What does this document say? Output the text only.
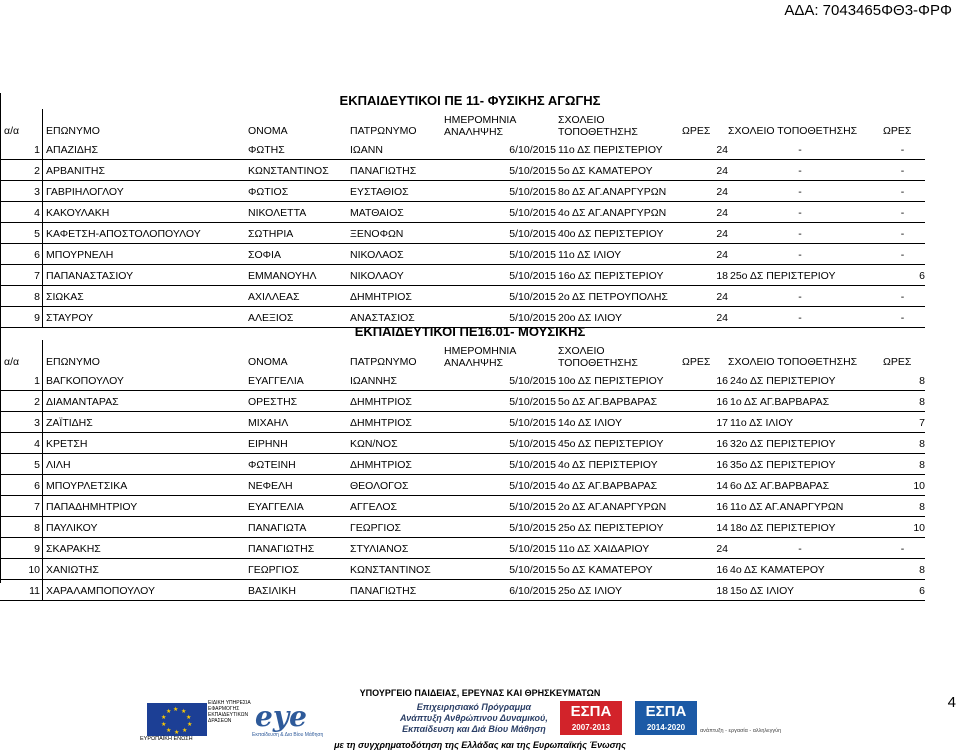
ΑΔΑ: 7043465ΦΘ3-ΦΡΦ
ΕΚΠΑΙΔΕΥΤΙΚΟΙ ΠΕ 11- ΦΥΣΙΚΗΣ ΑΓΩΓΗΣ
α/α	ΕΠΩΝΥΜΟ	ΟΝΟΜΑ	ΠΑΤΡΩΝΥΜΟ
ΗΜΕΡΟΜΗΝΙΑ
ΑΝΑΛΗΨΗΣ
ΣΧΟΛΕΙΟ
ΤΟΠΟΘΕΤΗΣΗΣ	ΩΡΕΣ	ΣΧΟΛΕΙΟ ΤΟΠΟΘΕΤΗΣΗΣ	ΩΡΕΣ
1 ΑΠΑΖΙΔΗΣ	ΦΩΤΗΣ	ΙΩΑΝΝ	6/10/2015 11ο ΔΣ ΠΕΡΙΣΤΕΡΙΟΥ	24	-	-
2 ΑΡΒΑΝΙΤΗΣ	ΚΩΝΣΤΑΝΤΙΝΟΣ	ΠΑΝΑΓΙΩΤΗΣ	5/10/2015 5ο ΔΣ ΚΑΜΑΤΕΡΟΥ	24	-	-
3 ΓΑΒΡΙΗΛΟΓΛΟΥ	ΦΩΤΙΟΣ	ΕΥΣΤΑΘΙΟΣ	5/10/2015 8ο ΔΣ ΑΓ.ΑΝΑΡΓΥΡΩΝ	24	-	-
4 ΚΑΚΟΥΛΑΚΗ	ΝΙΚΟΛΕΤΤΑ	ΜΑΤΘΑΙΟΣ	5/10/2015 4ο ΔΣ ΑΓ.ΑΝΑΡΓΥΡΩΝ	24	-	-
5 ΚΑΦΕΤΣΗ-ΑΠΟΣΤΟΛΟΠΟΥΛΟΥ	ΣΩΤΗΡΙΑ	ΞΕΝΟΦΩΝ	5/10/2015 40ο ΔΣ ΠΕΡΙΣΤΕΡΙΟΥ	24	-	-
6 ΜΠΟΥΡΝΕΛΗ	ΣΟΦΙΑ	ΝΙΚΟΛΑΟΣ	5/10/2015 11ο ΔΣ ΙΛΙΟΥ	24	-	-
7 ΠΑΠΑΝΑΣΤΑΣΙΟΥ	ΕΜΜΑΝΟΥΗΛ	ΝΙΚΟΛΑΟΥ	5/10/2015 16ο ΔΣ ΠΕΡΙΣΤΕΡΙΟΥ	18 25ο ΔΣ ΠΕΡΙΣΤΕΡΙΟΥ	6
8 ΣΙΩΚΑΣ	ΑΧΙΛΛΕΑΣ	ΔΗΜΗΤΡΙΟΣ	5/10/2015 2ο ΔΣ ΠΕΤΡΟΥΠΟΛΗΣ	24	-	-
9 ΣΤΑΥΡΟΥ	ΑΛΕΞΙΟΣ	ΑΝΑΣΤΑΣΙΟΣ	5/10/2015 20ο ΔΣ ΙΛΙΟΥ	24	-	-
ΕΚΠΑΙΔΕΥΤΙΚΟΙ ΠΕ16.01- ΜΟΥΣΙΚΗΣ
α/α	ΕΠΩΝΥΜΟ	ΟΝΟΜΑ	ΠΑΤΡΩΝΥΜΟ
ΗΜΕΡΟΜΗΝΙΑ
ΑΝΑΛΗΨΗΣ
ΣΧΟΛΕΙΟ
ΤΟΠΟΘΕΤΗΣΗΣ	ΩΡΕΣ	ΣΧΟΛΕΙΟ ΤΟΠΟΘΕΤΗΣΗΣ	ΩΡΕΣ
1 ΒΑΓΚΟΠΟΥΛΟΥ	ΕΥΑΓΓΕΛΙΑ	ΙΩΑΝΝΗΣ	5/10/2015 10ο ΔΣ ΠΕΡΙΣΤΕΡΙΟΥ	16 24ο ΔΣ ΠΕΡΙΣΤΕΡΙΟΥ	8
2 ΔΙΑΜΑΝΤΑΡΑΣ	ΟΡΕΣΤΗΣ	ΔΗΜΗΤΡΙΟΣ	5/10/2015 5ο ΔΣ ΑΓ.ΒΑΡΒΑΡΑΣ	16 1ο ΔΣ ΑΓ.ΒΑΡΒΑΡΑΣ	8
3 ΖΑΪΤΙΔΗΣ	ΜΙΧΑΗΛ	ΔΗΜΗΤΡΙΟΣ	5/10/2015 14ο ΔΣ ΙΛΙΟΥ	17 11ο ΔΣ ΙΛΙΟΥ	7
4 ΚΡΕΤΣΗ	ΕΙΡΗΝΗ	ΚΩΝ/ΝΟΣ	5/10/2015 45ο ΔΣ ΠΕΡΙΣΤΕΡΙΟΥ	16 32ο ΔΣ ΠΕΡΙΣΤΕΡΙΟΥ	8
5 ΛΙΛΗ	ΦΩΤΕΙΝΗ	ΔΗΜΗΤΡΙΟΣ	5/10/2015 4ο ΔΣ ΠΕΡΙΣΤΕΡΙΟΥ	16 35ο ΔΣ ΠΕΡΙΣΤΕΡΙΟΥ	8
6 ΜΠΟΥΡΛΕΤΣΙΚΑ	ΝΕΦΕΛΗ	ΘΕΟΛΟΓΟΣ	5/10/2015 4ο ΔΣ ΑΓ.ΒΑΡΒΑΡΑΣ	14 6ο ΔΣ ΑΓ.ΒΑΡΒΑΡΑΣ	10
7 ΠΑΠΑΔΗΜΗΤΡΙΟΥ	ΕΥΑΓΓΕΛΙΑ	ΑΓΓΕΛΟΣ	5/10/2015 2ο ΔΣ ΑΓ.ΑΝΑΡΓΥΡΩΝ	16 11ο ΔΣ ΑΓ.ΑΝΑΡΓΥΡΩΝ	8
8 ΠΑΥΛΙΚΟΥ	ΠΑΝΑΓΙΩΤΑ	ΓΕΩΡΓΙΟΣ	5/10/2015 25ο ΔΣ ΠΕΡΙΣΤΕΡΙΟΥ	14 18ο ΔΣ ΠΕΡΙΣΤΕΡΙΟΥ	10
9 ΣΚΑΡΑΚΗΣ	ΠΑΝΑΓΙΩΤΗΣ	ΣΤΥΛΙΑΝΟΣ	5/10/2015 11ο ΔΣ ΧΑΙΔΑΡΙΟΥ	24	-	-
10 ΧΑΝΙΩΤΗΣ	ΓΕΩΡΓΙΟΣ	ΚΩΝΣΤΑΝΤΙΝΟΣ	5/10/2015 5ο ΔΣ ΚΑΜΑΤΕΡΟΥ	16 4ο ΔΣ ΚΑΜΑΤΕΡΟΥ	8
11 ΧΑΡΑΛΑΜΠΟΠΟΥΛΟΥ	ΒΑΣΙΛΙΚΗ	ΠΑΝΑΓΙΩΤΗΣ	6/10/2015 25ο ΔΣ ΙΛΙΟΥ	18 15ο ΔΣ ΙΛΙΟΥ	6
4
ΥΠΟΥΡΓΕΙΟ ΠΑΙΔΕΙΑΣ, ΕΡΕΥΝΑΣ ΚΑΙ ΘΡΗΣΚΕΥΜΑΤΩΝ
★ ★
★
★
★
★
★
★
★
★
ΕΥΡΩΠΑΪΚΗ ΕΝΩΣΗ
ΕΙΔΙΚΗ ΥΠΗΡΕΣΙΑ ΕΦΑΡΜΟΓΗΣ ΕΚΠΑΙΔΕΥΤΙΚΩΝ ΔΡΑΣΕΩΝ eye
Εκπαίδευση & Δια Βίου Μάθηση
Επιχειρησιακό Πρόγραμμα
Ανάπτυξη Ανθρώπινου Δυναμικού,
Εκπαίδευση και Διά Βίου Μάθηση
ΕΣΠΑ
2007-2013
ΕΣΠΑ
2014-2020	ανάπτυξη - εργασία - αλληλεγγύη
με τη συγχρηματοδότηση της Ελλάδας και της Ευρωπαϊκής Ένωσης
